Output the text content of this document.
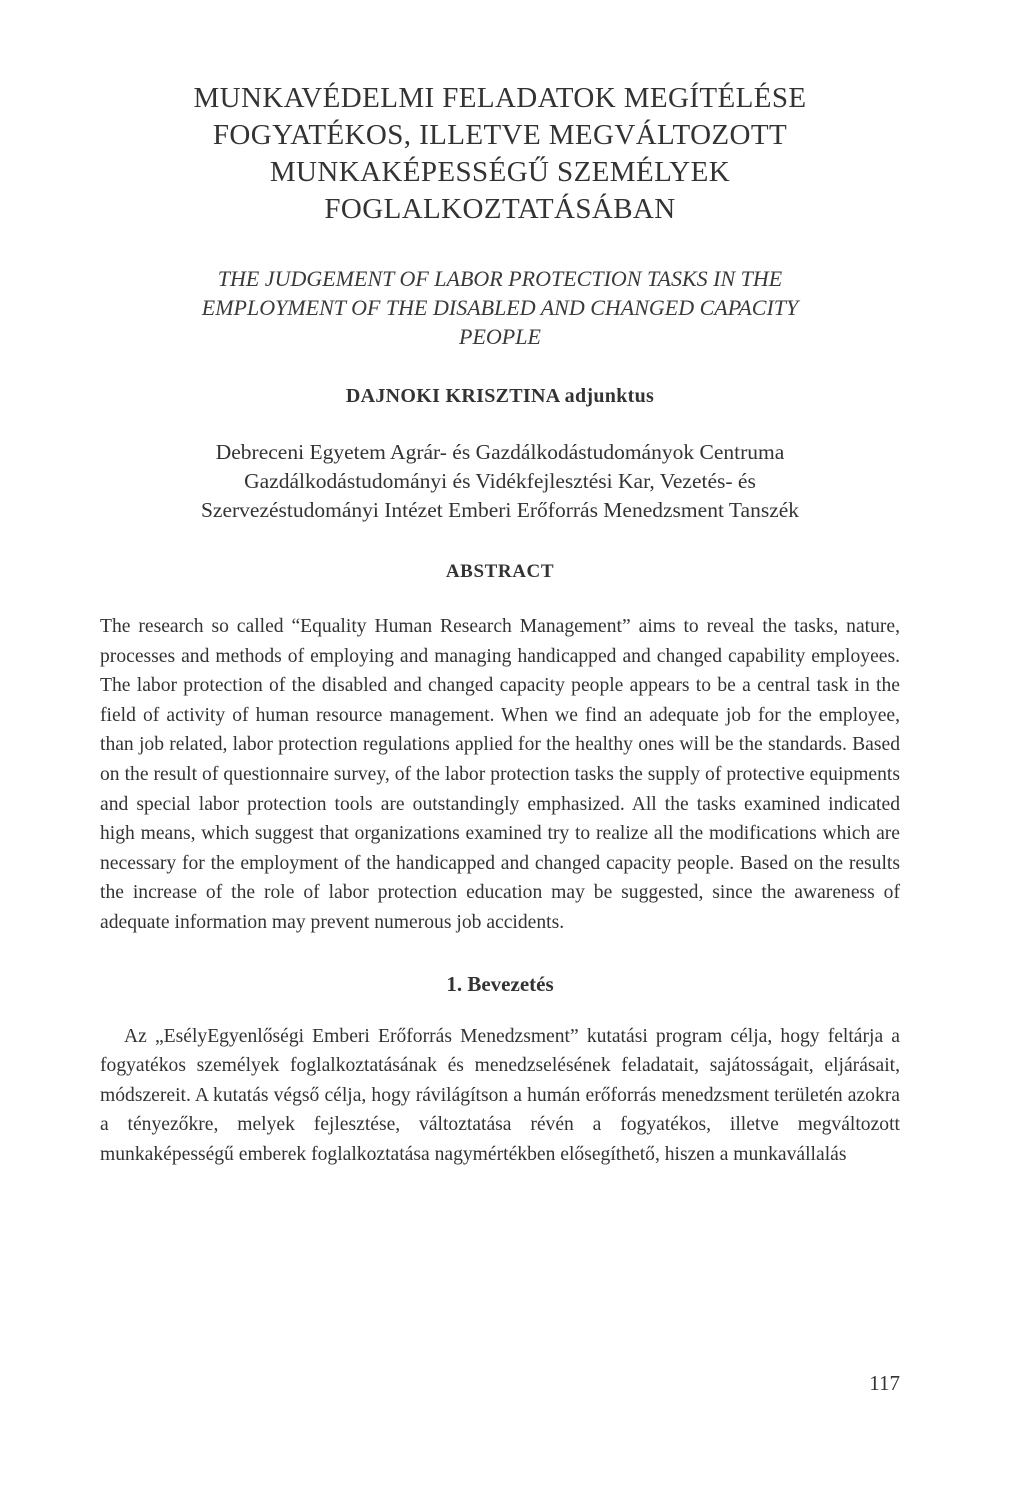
MUNKAVÉDELMI FELADATOK MEGÍTÉLÉSE
FOGYATÉKOS, ILLETVE MEGVÁLTOZOTT
MUNKAKÉPESSÉGŰ SZEMÉLYEK
FOGLALKOZTATÁSÁBAN
THE JUDGEMENT OF LABOR PROTECTION TASKS IN THE
EMPLOYMENT OF THE DISABLED AND CHANGED CAPACITY
PEOPLE
DAJNOKI KRISZTINA adjunktus
Debreceni Egyetem Agrár- és Gazdálkodástudományok Centruma
Gazdálkodástudományi és Vidékfejlesztési Kar, Vezetés- és
Szervezéstudományi Intézet Emberi Erőforrás Menedzsment Tanszék
ABSTRACT

The research so called “Equality Human Research Management” aims to reveal the tasks, nature, processes and methods of employing and managing handicapped and changed capability employees. The labor protection of the disabled and changed capacity people appears to be a central task in the field of activity of human resource management. When we find an adequate job for the employee, than job related, labor protection regulations applied for the healthy ones will be the standards. Based on the result of questionnaire survey, of the labor protection tasks the supply of protective equipments and special labor protection tools are outstandingly emphasized. All the tasks examined indicated high means, which suggest that organizations examined try to realize all the modifications which are necessary for the employment of the handicapped and changed capacity people. Based on the results the increase of the role of labor protection education may be suggested, since the awareness of adequate information may prevent numerous job accidents.

1. Bevezetés

Az „EsélyEgyenlőségi Emberi Erőforrás Menedzsment” kutatási program célja, hogy feltárja a fogyatékos személyek foglalkoztatásának és menedzselésének feladatait, sajátosságait, eljárásait, módszereit. A kutatás végső célja, hogy rávilágítson a humán erőforrás menedzsment területén azokra a tényezőkre, melyek fejlesztése, változtatása révén a fogyatékos, illetve megváltozott munkaképességű emberek foglalkoztatása nagymértékben elősegíthető, hiszen a munkavállalás

117
